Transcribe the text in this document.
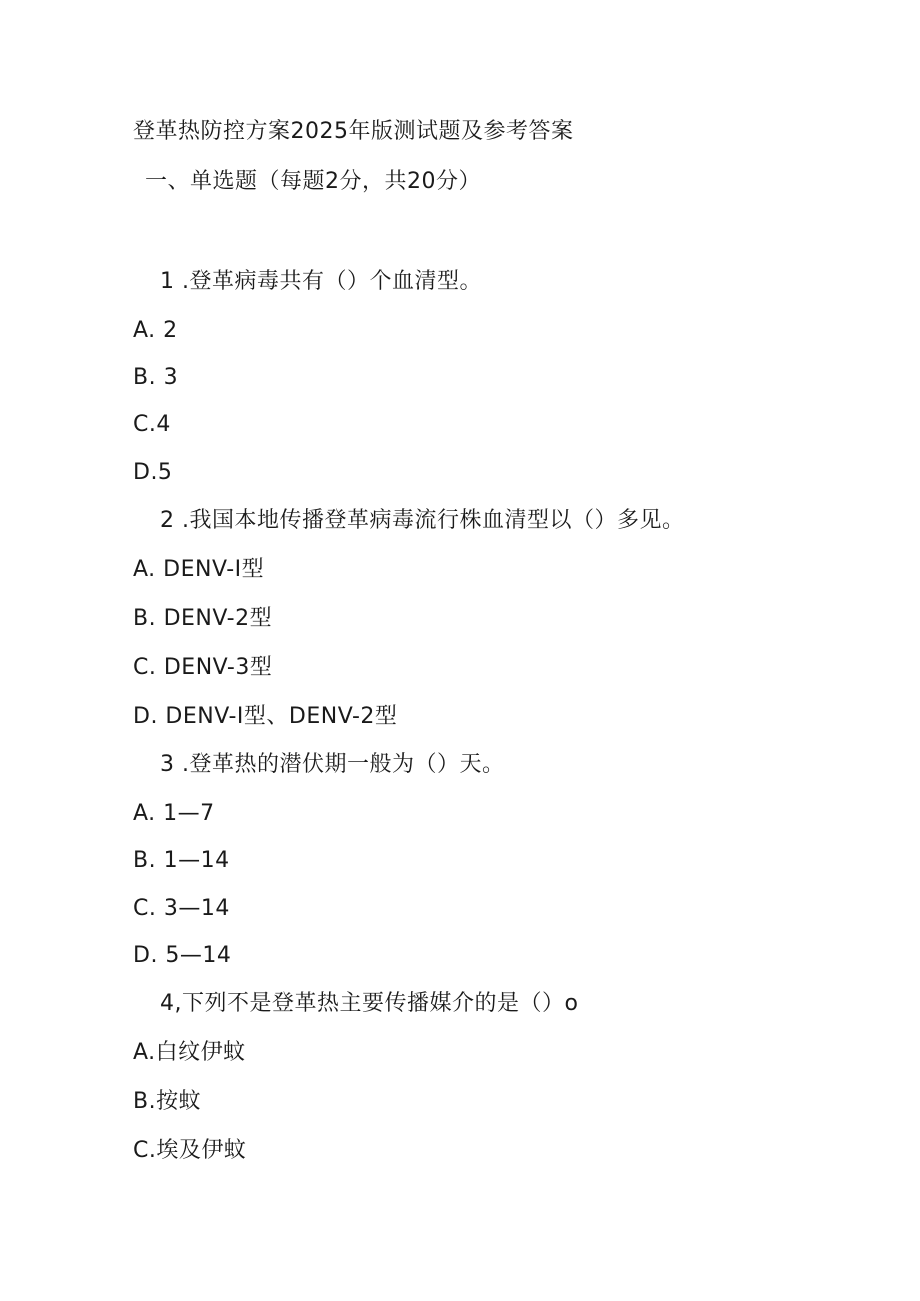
登革热防控方案2025年版测试题及参考答案
一、单选题（每题2分，共20分）
1 .登革病毒共有（）个血清型。
A. 2
B. 3
C.4
D.5
2 .我国本地传播登革病毒流行株血清型以（）多见。
A. DENV-I型
B. DENV-2型
C. DENV-3型
D. DENV-I型、DENV-2型
3 .登革热的潜伏期一般为（）天。
A. 1—7
B. 1—14
C. 3—14
D. 5—14
4,下列不是登革热主要传播媒介的是（）o
A.白纹伊蚊
B.按蚊
C.埃及伊蚊
